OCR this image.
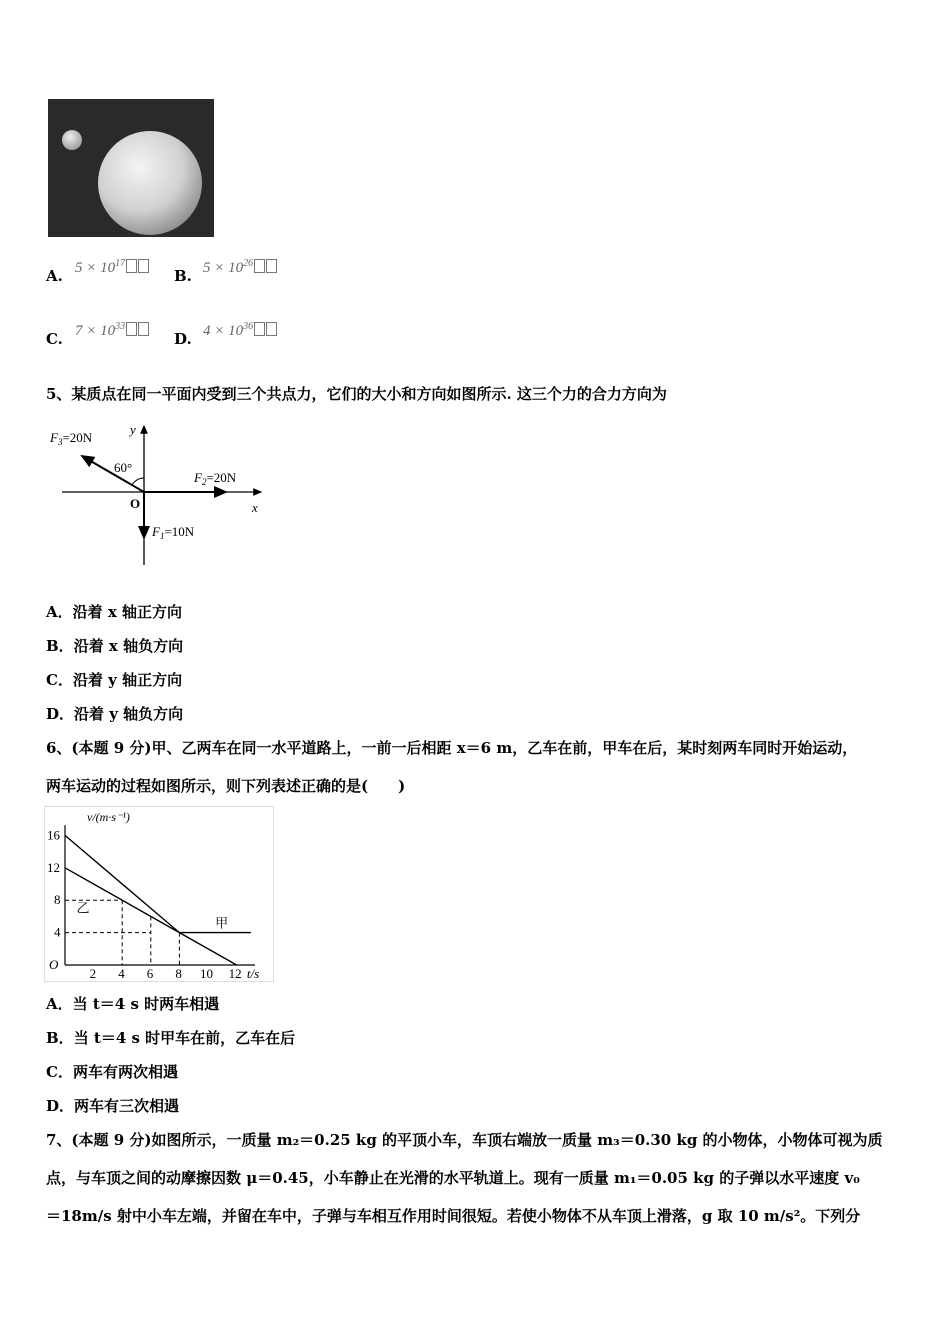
A. $5 \times 10^{17}$
B. $5 \times 10^{26}$
C. $7 \times 10^{33}$
D. $4 \times 10^{36}$
5、某质点在同一平面内受到三个共点力，它们的大小和方向如图所示. 这三个力的合力方向为
$F_3=20N$
y
60°
$F_2=20N$
O	x
$F_1=10N$
A．沿着 x 轴正方向
B．沿着 x 轴负方向
C．沿着 y 轴正方向
D．沿着 y 轴负方向
6、(本题 9 分)甲、乙两车在同一水平道路上，一前一后相距 x＝6 m，乙车在前，甲车在后，某时刻两车同时开始运动，
两车运动的过程如图所示，则下列表述正确的是(　　)
2 4 6 8 10 12
4
8
12
16
O
v/(m·s⁻¹)
t/s
甲
乙
A．当 t＝4 s 时两车相遇
B．当 t＝4 s 时甲车在前，乙车在后
C．两车有两次相遇
D．两车有三次相遇
7、(本题 9 分)如图所示，一质量 m₂＝0.25 kg 的平顶小车，车顶右端放一质量 m₃＝0.30 kg 的小物体，小物体可视为质
点，与车顶之间的动摩擦因数 μ＝0.45，小车静止在光滑的水平轨道上。现有一质量 m₁＝0.05 kg 的子弹以水平速度 v₀
＝18m/s 射中小车左端，并留在车中，子弹与车相互作用时间很短。若使小物体不从车顶上滑落，g 取 10 m/s²。下列分
